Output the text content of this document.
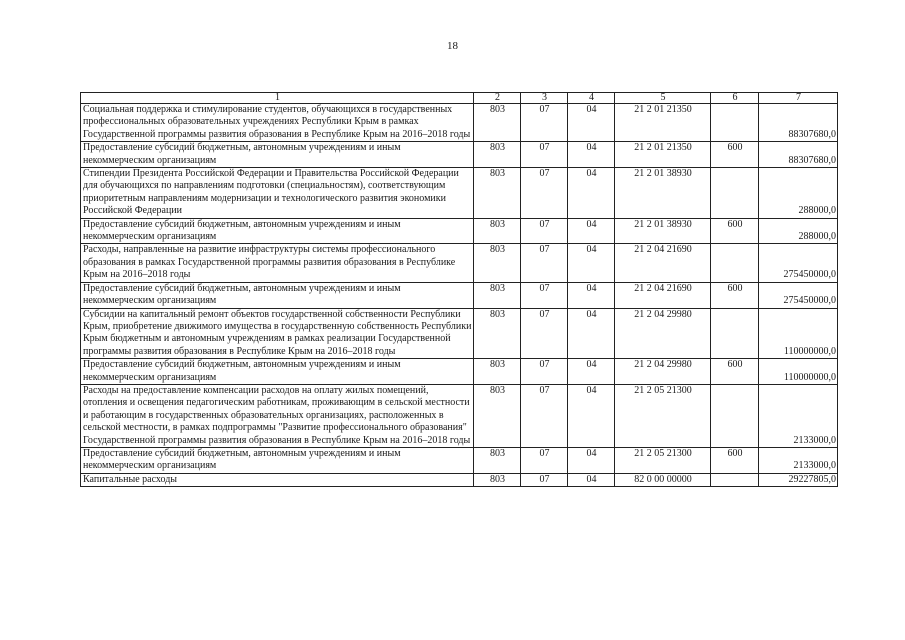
18
1	2	3	4	5	6	7
Социальная поддержка и стимулирование студентов, обучающихся в государственных профессиональных образовательных учреждениях Республики Крым в рамках Государственной программы развития образования в Республике Крым на 2016–2018 годы	803	07	04	21 2 01 21350		88307680,0
Предоставление субсидий бюджетным, автономным учреждениям и иным некоммерческим организациям	803	07	04	21 2 01 21350	600	88307680,0
Стипендии Президента Российской Федерации и Правительства Российской Федерации для обучающихся по направлениям подготовки (специальностям), соответствующим приоритетным направлениям модернизации и технологического развития экономики Российской Федерации	803	07	04	21 2 01 38930		288000,0
Предоставление субсидий бюджетным, автономным учреждениям и иным некоммерческим организациям	803	07	04	21 2 01 38930	600	288000,0
Расходы, направленные на развитие инфраструктуры системы профессионального образования в рамках Государственной программы развития образования в Республике Крым на 2016–2018 годы	803	07	04	21 2 04 21690		275450000,0
Предоставление субсидий бюджетным, автономным учреждениям и иным некоммерческим организациям	803	07	04	21 2 04 21690	600	275450000,0
Субсидии на капитальный ремонт объектов государственной собственности Республики Крым, приобретение движимого имущества в государственную собственность Республики Крым бюджетным и автономным учреждениям в рамках реализации Государственной программы развития образования в Республике Крым на 2016–2018 годы	803	07	04	21 2 04 29980		110000000,0
Предоставление субсидий бюджетным, автономным учреждениям и иным некоммерческим организациям	803	07	04	21 2 04 29980	600	110000000,0
Расходы на предоставление компенсации расходов на оплату жилых помещений, отопления и освещения педагогическим работникам, проживающим в сельской местности и работающим в государственных образовательных организациях, расположенных в сельской местности, в рамках подпрограммы "Развитие профессионального образования" Государственной программы развития образования в Республике Крым на 2016–2018 годы	803	07	04	21 2 05 21300		2133000,0
Предоставление субсидий бюджетным, автономным учреждениям и иным некоммерческим организациям	803	07	04	21 2 05 21300	600	2133000,0
Капитальные расходы	803	07	04	82 0 00 00000		29227805,0
